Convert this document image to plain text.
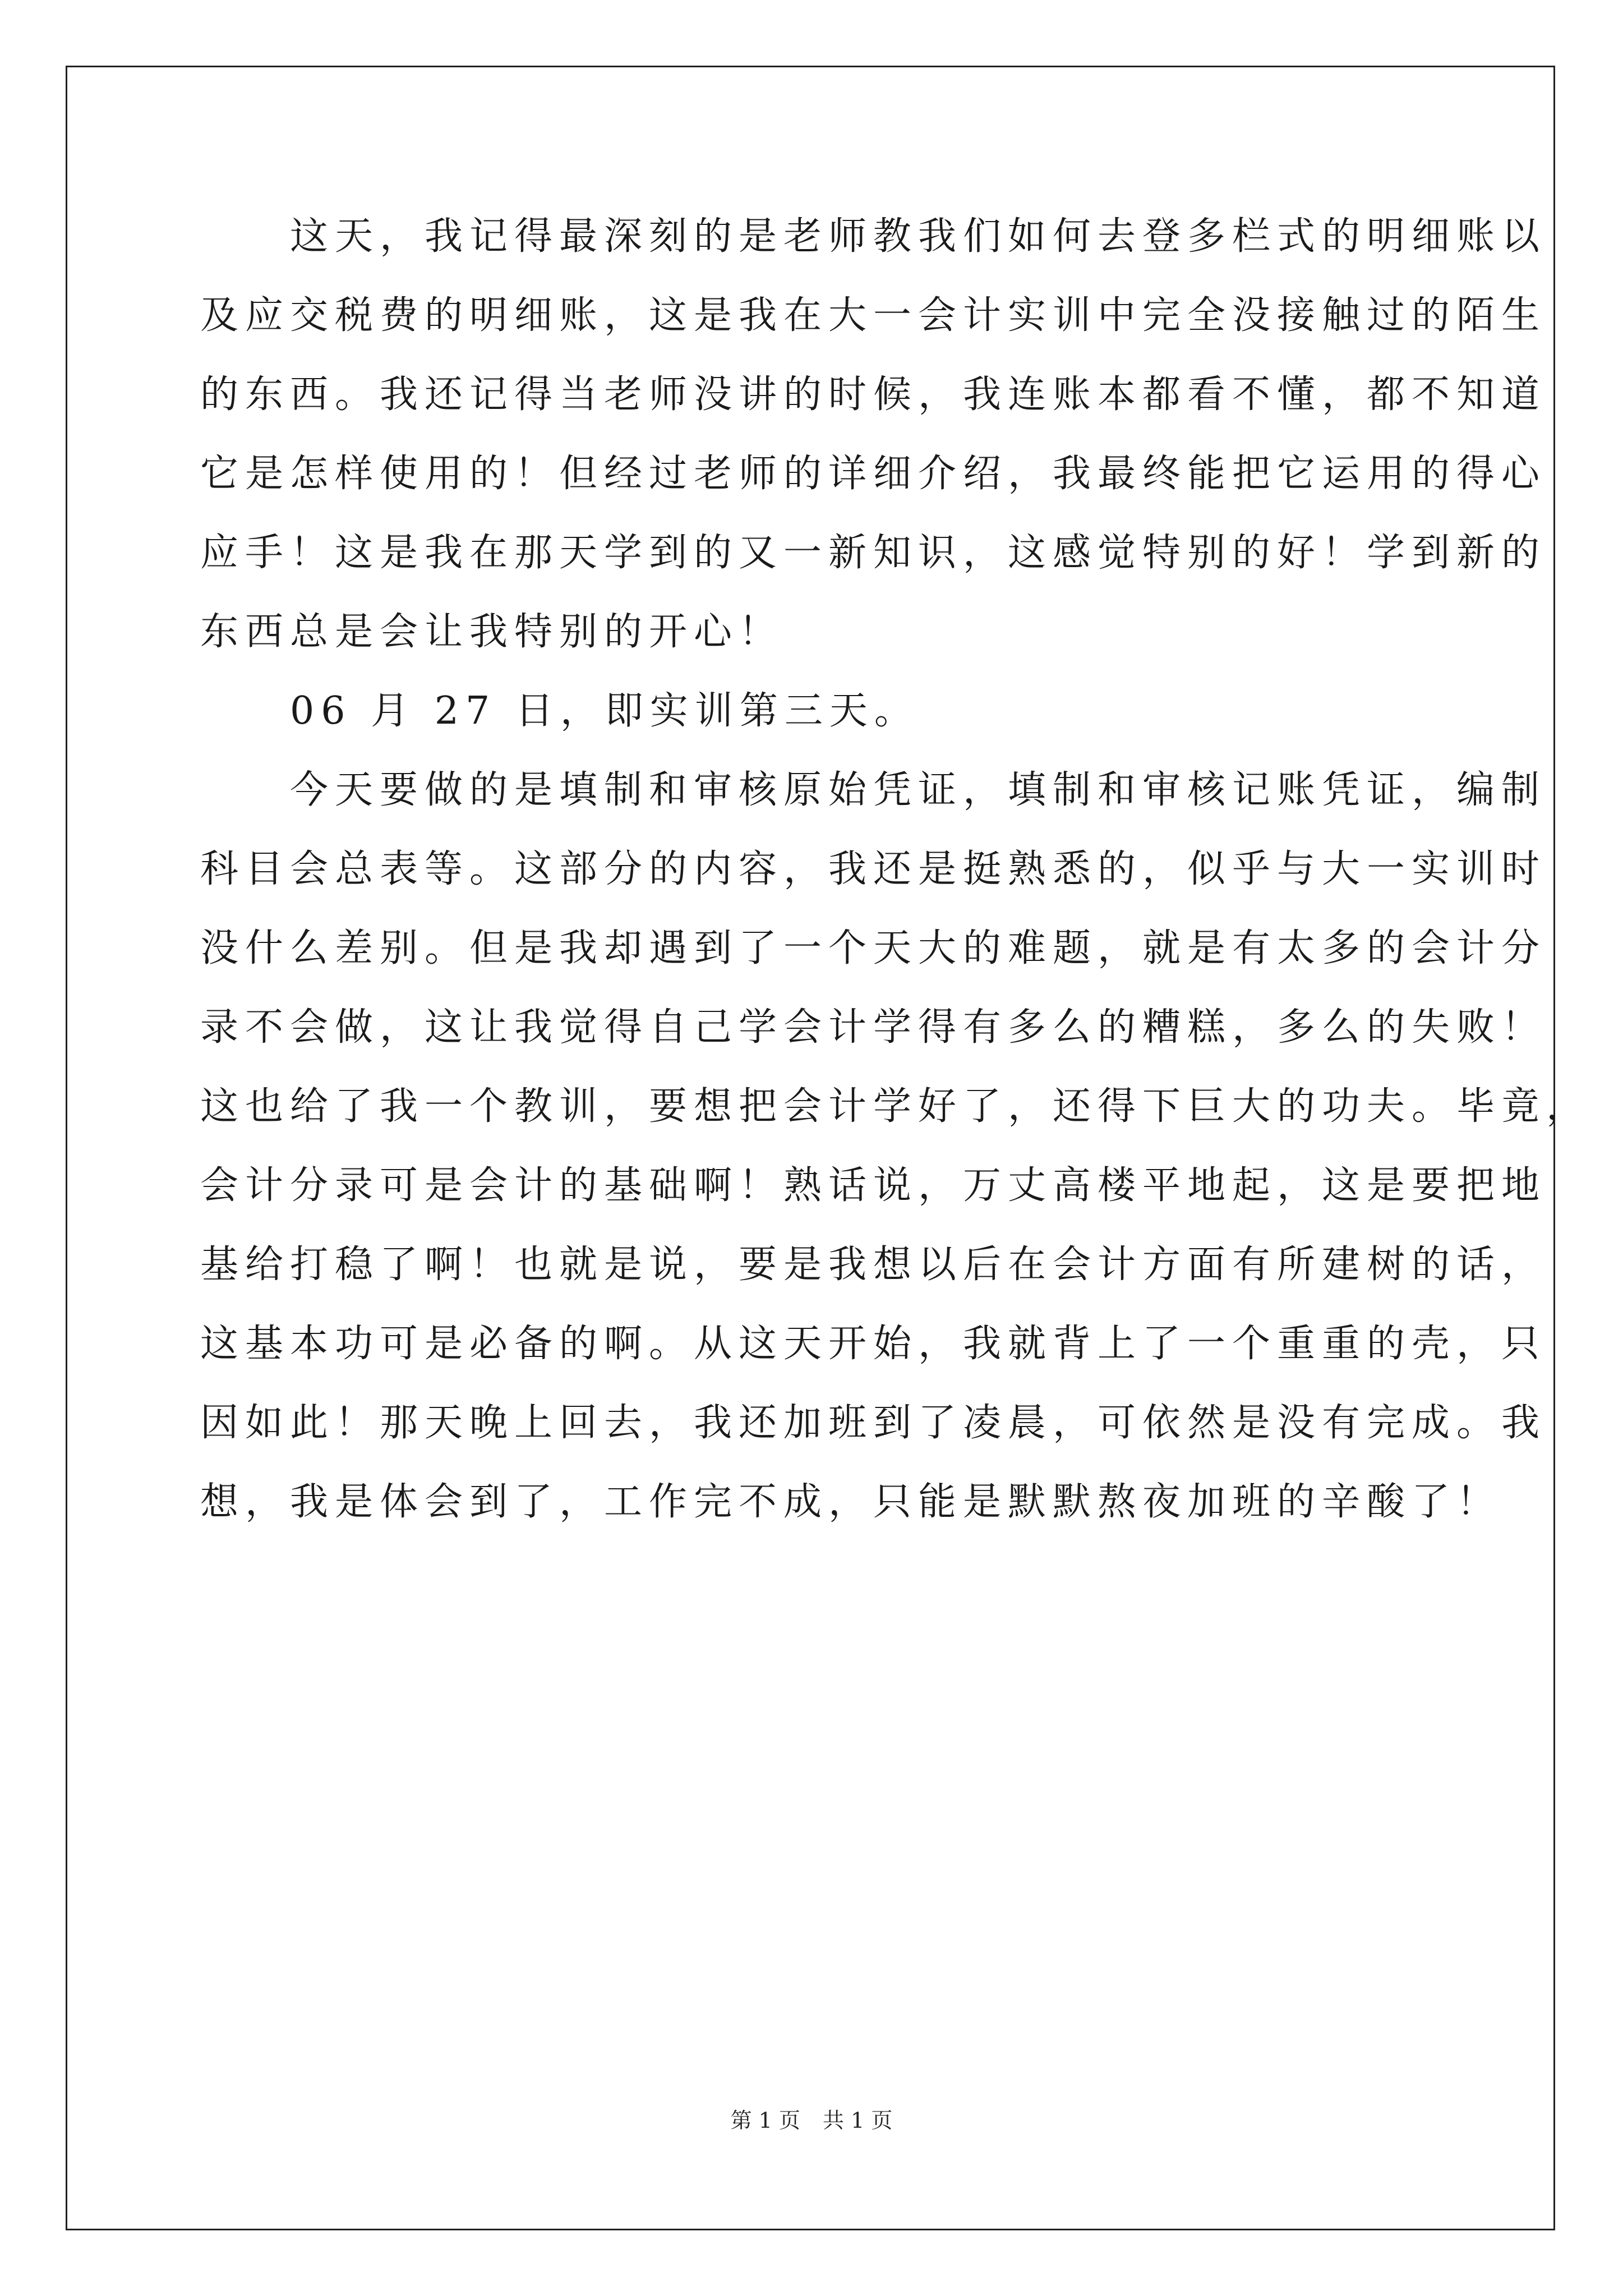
　　这天，我记得最深刻的是老师教我们如何去登多栏式的明细账以
及应交税费的明细账，这是我在大一会计实训中完全没接触过的陌生
的东西。我还记得当老师没讲的时候，我连账本都看不懂，都不知道
它是怎样使用的！但经过老师的详细介绍，我最终能把它运用的得心
应手！这是我在那天学到的又一新知识，这感觉特别的好！学到新的
东西总是会让我特别的开心！
　　06 月 27 日，即实训第三天。
　　今天要做的是填制和审核原始凭证，填制和审核记账凭证，编制
科目会总表等。这部分的内容，我还是挺熟悉的，似乎与大一实训时
没什么差别。但是我却遇到了一个天大的难题，就是有太多的会计分
录不会做，这让我觉得自己学会计学得有多么的糟糕，多么的失败！
这也给了我一个教训，要想把会计学好了，还得下巨大的功夫。毕竟，
会计分录可是会计的基础啊！熟话说，万丈高楼平地起，这是要把地
基给打稳了啊！也就是说，要是我想以后在会计方面有所建树的话，
这基本功可是必备的啊。从这天开始，我就背上了一个重重的壳，只
因如此！那天晚上回去，我还加班到了凌晨，可依然是没有完成。我
想，我是体会到了，工作完不成，只能是默默熬夜加班的辛酸了！
第 1 页 共 1 页
